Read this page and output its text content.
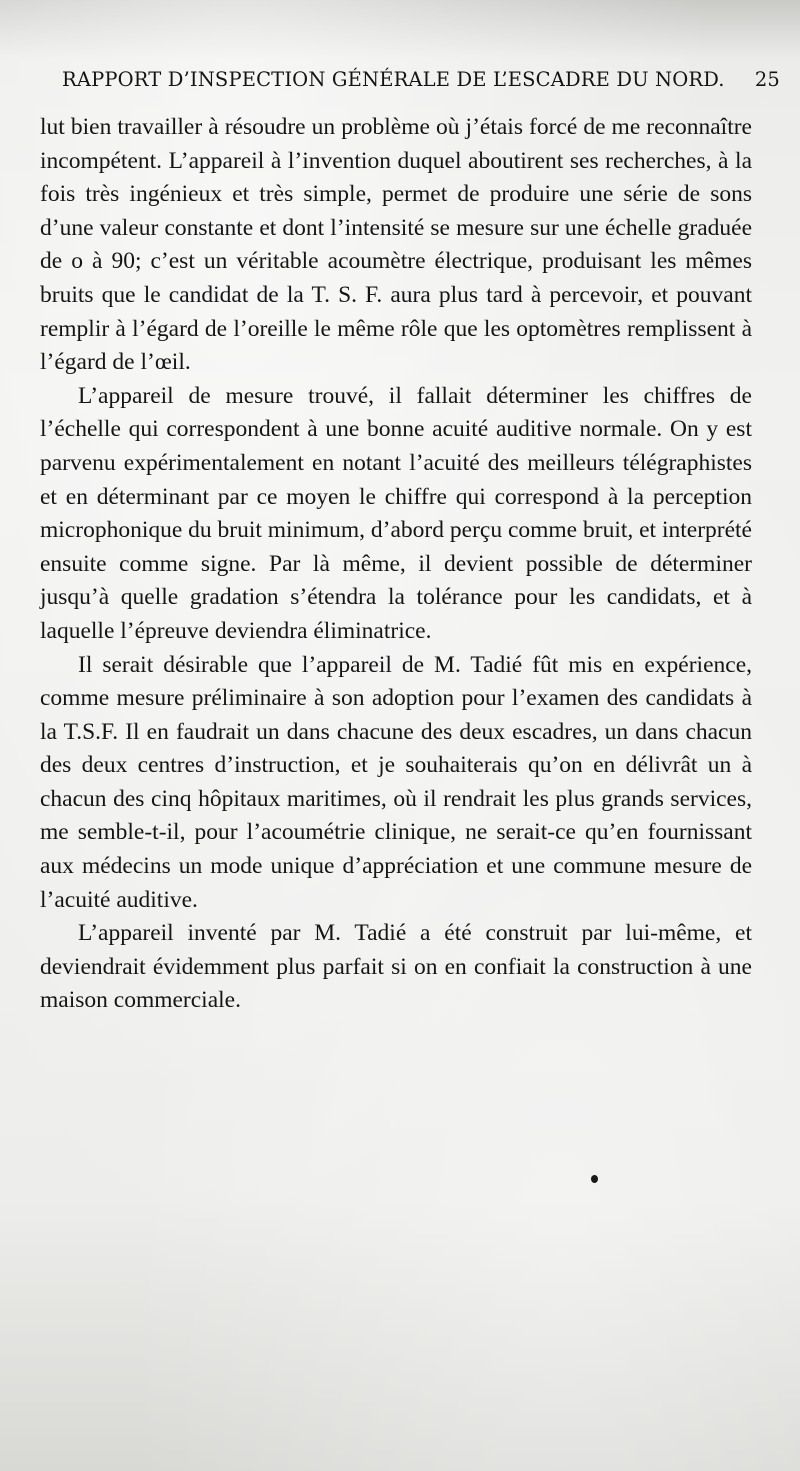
RAPPORT D’INSPECTION GÉNÉRALE DE L’ESCADRE DU NORD. 25

lut bien travailler à résoudre un problème où j’étais forcé de me reconnaître incompétent. L’appareil à l’invention duquel aboutirent ses recherches, à la fois très ingénieux et très simple, permet de produire une série de sons d’une valeur constante et dont l’intensité se mesure sur une échelle graduée de o à 90; c’est un véritable acoumètre électrique, produisant les mêmes bruits que le candidat de la T. S. F. aura plus tard à percevoir, et pouvant remplir à l’égard de l’oreille le même rôle que les optomètres remplissent à l’égard de l’œil.

L’appareil de mesure trouvé, il fallait déterminer les chiffres de l’échelle qui correspondent à une bonne acuité auditive normale. On y est parvenu expérimentalement en notant l’acuité des meilleurs télégraphistes et en déterminant par ce moyen le chiffre qui correspond à la perception microphonique du bruit minimum, d’abord perçu comme bruit, et interprété ensuite comme signe. Par là même, il devient possible de déterminer jusqu’à quelle gradation s’étendra la tolérance pour les candidats, et à laquelle l’épreuve deviendra éliminatrice.

Il serait désirable que l’appareil de M. Tadié fût mis en expérience, comme mesure préliminaire à son adoption pour l’examen des candidats à la T.S.F. Il en faudrait un dans chacune des deux escadres, un dans chacun des deux centres d’instruction, et je souhaiterais qu’on en délivrât un à chacun des cinq hôpitaux maritimes, où il rendrait les plus grands services, me semble-t-il, pour l’acoumétrie clinique, ne serait-ce qu’en fournissant aux médecins un mode unique d’appréciation et une commune mesure de l’acuité auditive.

L’appareil inventé par M. Tadié a été construit par lui-même, et deviendrait évidemment plus parfait si on en confiait la construction à une maison commerciale.
